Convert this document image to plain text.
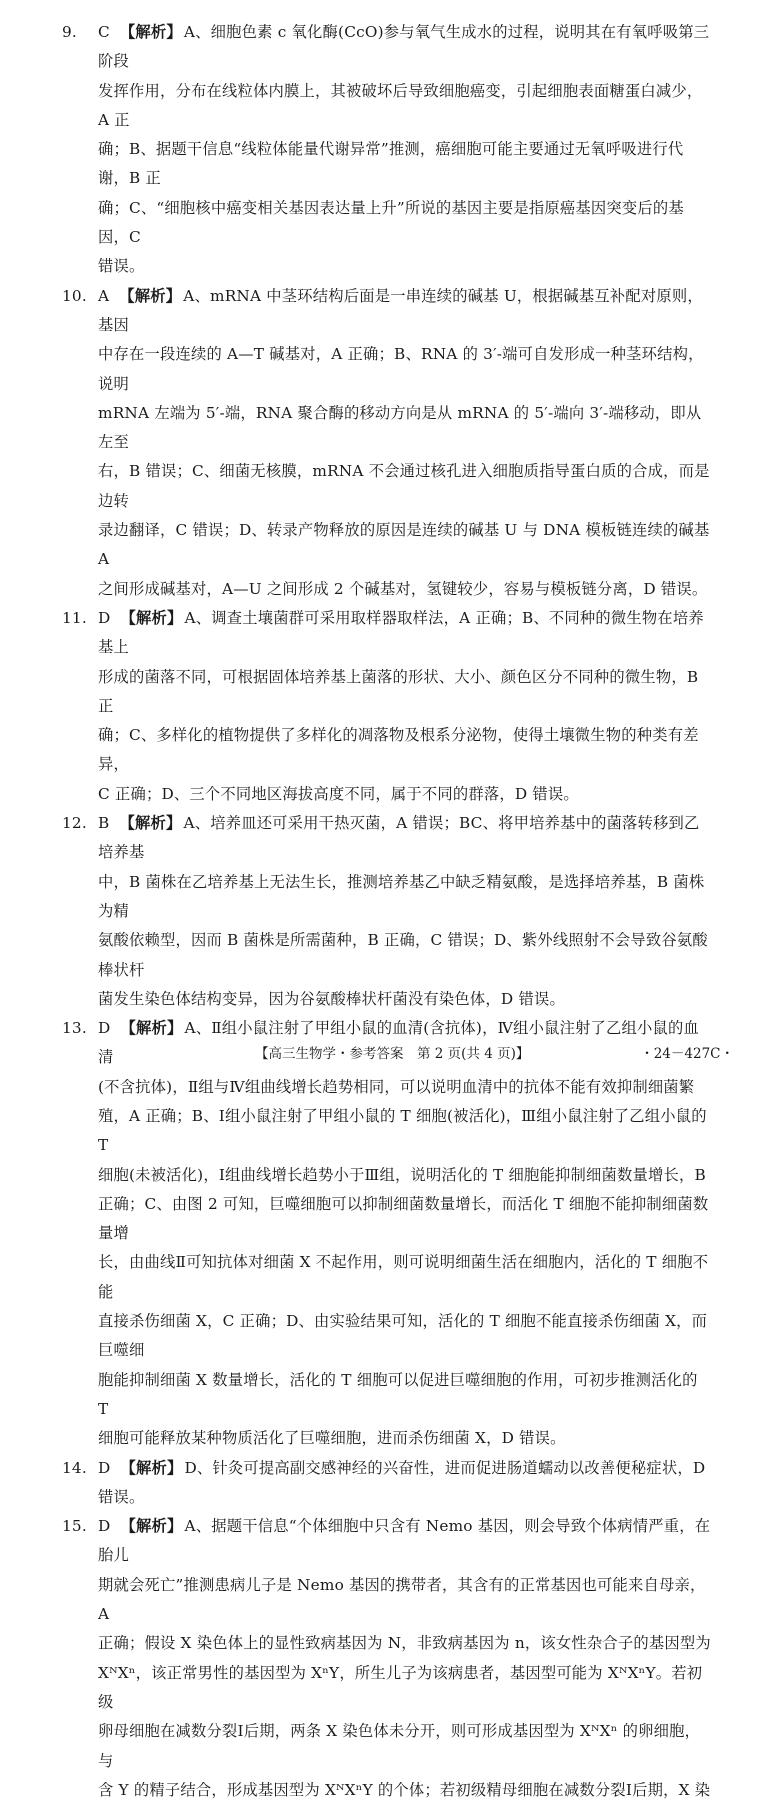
9. C 【解析】 A、细胞色素 c 氧化酶(CcO)参与氧气生成水的过程，说明其在有氧呼吸第三阶段

发挥作用，分布在线粒体内膜上，其被破坏后导致细胞癌变，引起细胞表面糖蛋白减少，A 正

确；B、据题干信息“线粒体能量代谢异常”推测，癌细胞可能主要通过无氧呼吸进行代谢，B 正

确；C、“细胞核中癌变相关基因表达量上升”所说的基因主要是指原癌基因突变后的基因，C

错误。

10. A 【解析】 A、mRNA 中茎环结构后面是一串连续的碱基 U，根据碱基互补配对原则，基因

中存在一段连续的 A—T 碱基对，A 正确；B、RNA 的 3′-端可自发形成一种茎环结构，说明

mRNA 左端为 5′-端，RNA 聚合酶的移动方向是从 mRNA 的 5′-端向 3′-端移动，即从左至

右，B 错误；C、细菌无核膜，mRNA 不会通过核孔进入细胞质指导蛋白质的合成，而是边转

录边翻译，C 错误；D、转录产物释放的原因是连续的碱基 U 与 DNA 模板链连续的碱基 A

之间形成碱基对，A—U 之间形成 2 个碱基对，氢键较少，容易与模板链分离，D 错误。

11. D 【解析】 A、调查土壤菌群可采用取样器取样法，A 正确；B、不同种的微生物在培养基上

形成的菌落不同，可根据固体培养基上菌落的形状、大小、颜色区分不同种的微生物，B 正

确；C、多样化的植物提供了多样化的凋落物及根系分泌物，使得土壤微生物的种类有差异，

C 正确；D、三个不同地区海拔高度不同，属于不同的群落，D 错误。

12. B 【解析】 A、培养皿还可采用干热灭菌，A 错误；BC、将甲培养基中的菌落转移到乙培养基

中，B 菌株在乙培养基上无法生长，推测培养基乙中缺乏精氨酸，是选择培养基，B 菌株为精

氨酸依赖型，因而 B 菌株是所需菌种，B 正确，C 错误；D、紫外线照射不会导致谷氨酸棒状杆

菌发生染色体结构变异，因为谷氨酸棒状杆菌没有染色体，D 错误。

13. D 【解析】 A、Ⅱ组小鼠注射了甲组小鼠的血清(含抗体)，Ⅳ组小鼠注射了乙组小鼠的血清

(不含抗体)，Ⅱ组与Ⅳ组曲线增长趋势相同，可以说明血清中的抗体不能有效抑制细菌繁

殖，A 正确；B、Ⅰ组小鼠注射了甲组小鼠的 T 细胞(被活化)，Ⅲ组小鼠注射了乙组小鼠的 T

细胞(未被活化)，Ⅰ组曲线增长趋势小于Ⅲ组，说明活化的 T 细胞能抑制细菌数量增长，B

正确；C、由图 2 可知，巨噬细胞可以抑制细菌数量增长，而活化 T 细胞不能抑制细菌数量增

长，由曲线Ⅱ可知抗体对细菌 X 不起作用，则可说明细菌生活在细胞内，活化的 T 细胞不能

直接杀伤细菌 X，C 正确；D、由实验结果可知，活化的 T 细胞不能直接杀伤细菌 X，而巨噬细

胞能抑制细菌 X 数量增长，活化的 T 细胞可以促进巨噬细胞的作用，可初步推测活化的 T

细胞可能释放某种物质活化了巨噬细胞，进而杀伤细菌 X，D 错误。

14. D 【解析】 D、针灸可提高副交感神经的兴奋性，进而促进肠道蠕动以改善便秘症状，D

错误。

15. D 【解析】 A、据题干信息“个体细胞中只含有 Nemo 基因，则会导致个体病情严重，在胎儿

期就会死亡”推测患病儿子是 Nemo 基因的携带者，其含有的正常基因也可能来自母亲，A

正确；假设 X 染色体上的显性致病基因为 N，非致病基因为 n，该女性杂合子的基因型为

XᴺXⁿ，该正常男性的基因型为 XⁿY，所生儿子为该病患者，基因型可能为 XᴺXⁿY。若初级

卵母细胞在减数分裂Ⅰ后期，两条 X 染色体未分开，则可形成基因型为 XᴺXⁿ 的卵细胞，与

含 Y 的精子结合，形成基因型为 XᴺXⁿY 的个体；若初级精母细胞在减数分裂Ⅰ后期，X 染

【高三生物学・参考答案　第 2 页(共 4 页)】	・24－427C・
